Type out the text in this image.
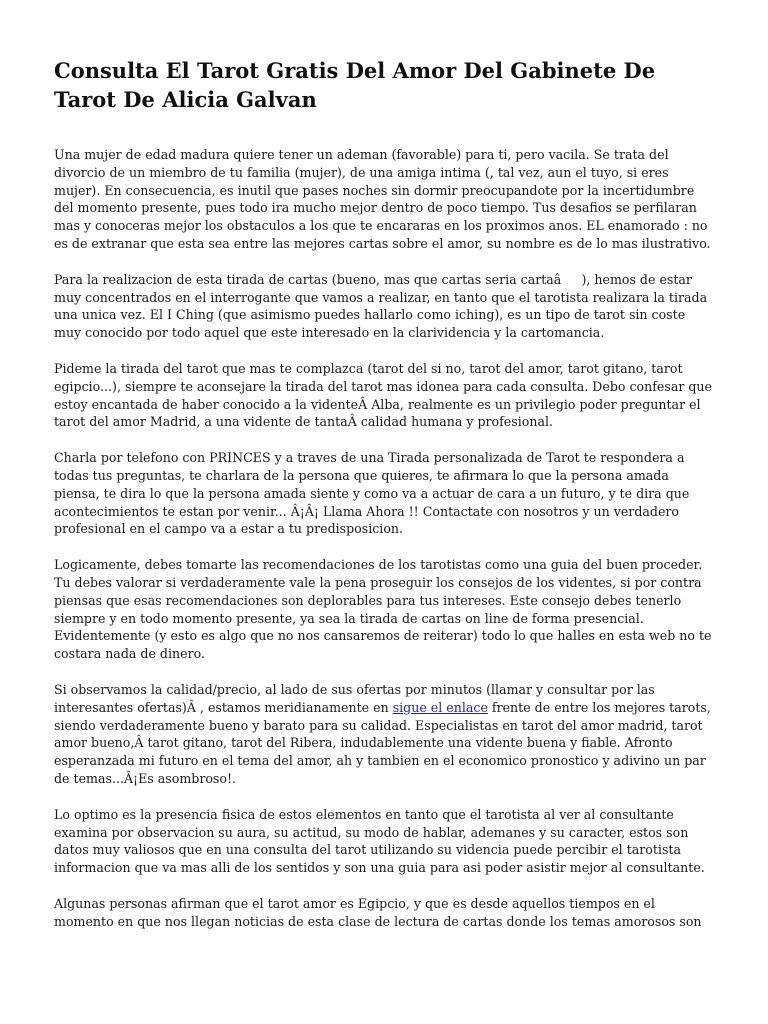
Consulta El Tarot Gratis Del Amor Del Gabinete De Tarot De Alicia Galvan

Una mujer de edad madura quiere tener un ademan (favorable) para ti, pero vacila. Se trata del divorcio de un miembro de tu familia (mujer), de una amiga intima (, tal vez, aun el tuyo, si eres mujer). En consecuencia, es inutil que pases noches sin dormir preocupandote por la incertidumbre del momento presente, pues todo ira mucho mejor dentro de poco tiempo. Tus desafios se perfilaran mas y conoceras mejor los obstaculos a los que te encararas en los proximos anos. EL enamorado : no es de extranar que esta sea entre las mejores cartas sobre el amor, su nombre es de lo mas ilustrativo.

Para la realizacion de esta tirada de cartas (bueno, mas que cartas seria cartaâ), hemos de estar muy concentrados en el interrogante que vamos a realizar, en tanto que el tarotista realizara la tirada una unica vez. El I Ching (que asimismo puedes hallarlo como iching), es un tipo de tarot sin coste muy conocido por todo aquel que este interesado en la clarividencia y la cartomancia.

Pideme la tirada del tarot que mas te complazca (tarot del si no, tarot del amor, tarot gitano, tarot egipcio...), siempre te aconsejare la tirada del tarot mas idonea para cada consulta. Debo confesar que estoy encantada de haber conocido a la videnteÂ Alba, realmente es un privilegio poder preguntar el tarot del amor Madrid, a una vidente de tantaÂ calidad humana y profesional.

Charla por telefono con PRINCES y a traves de una Tirada personalizada de Tarot te respondera a todas tus preguntas, te charlara de la persona que quieres, te afirmara lo que la persona amada piensa, te dira lo que la persona amada siente y como va a actuar de cara a un futuro, y te dira que acontecimientos te estan por venir... Â¡Â¡ Llama Ahora !! Contactate con nosotros y un verdadero profesional en el campo va a estar a tu predisposicion.

Logicamente, debes tomarte las recomendaciones de los tarotistas como una guia del buen proceder. Tu debes valorar si verdaderamente vale la pena proseguir los consejos de los videntes, si por contra piensas que esas recomendaciones son deplorables para tus intereses. Este consejo debes tenerlo siempre y en todo momento presente, ya sea la tirada de cartas on line de forma presencial. Evidentemente (y esto es algo que no nos cansaremos de reiterar) todo lo que halles en esta web no te costara nada de dinero.

Si observamos la calidad/precio, al lado de sus ofertas por minutos (llamar y consultar por las interesantes ofertas)Â , estamos meridianamente en sigue el enlace frente de entre los mejores tarots, siendo verdaderamente bueno y barato para su calidad. Especialistas en tarot del amor madrid, tarot amor bueno,Â tarot gitano, tarot del Ribera, indudablemente una vidente buena y fiable. Afronto esperanzada mi futuro en el tema del amor, ah y tambien en el economico pronostico y adivino un par de temas...Â¡Es asombroso!.

Lo optimo es la presencia fisica de estos elementos en tanto que el tarotista al ver al consultante examina por observacion su aura, su actitud, su modo de hablar, ademanes y su caracter, estos son datos muy valiosos que en una consulta del tarot utilizando su videncia puede percibir el tarotista informacion que va mas alli de los sentidos y son una guia para asi poder asistir mejor al consultante.

Algunas personas afirman que el tarot amor es Egipcio, y que es desde aquellos tiempos en el momento en que nos llegan noticias de esta clase de lectura de cartas donde los temas amorosos son
